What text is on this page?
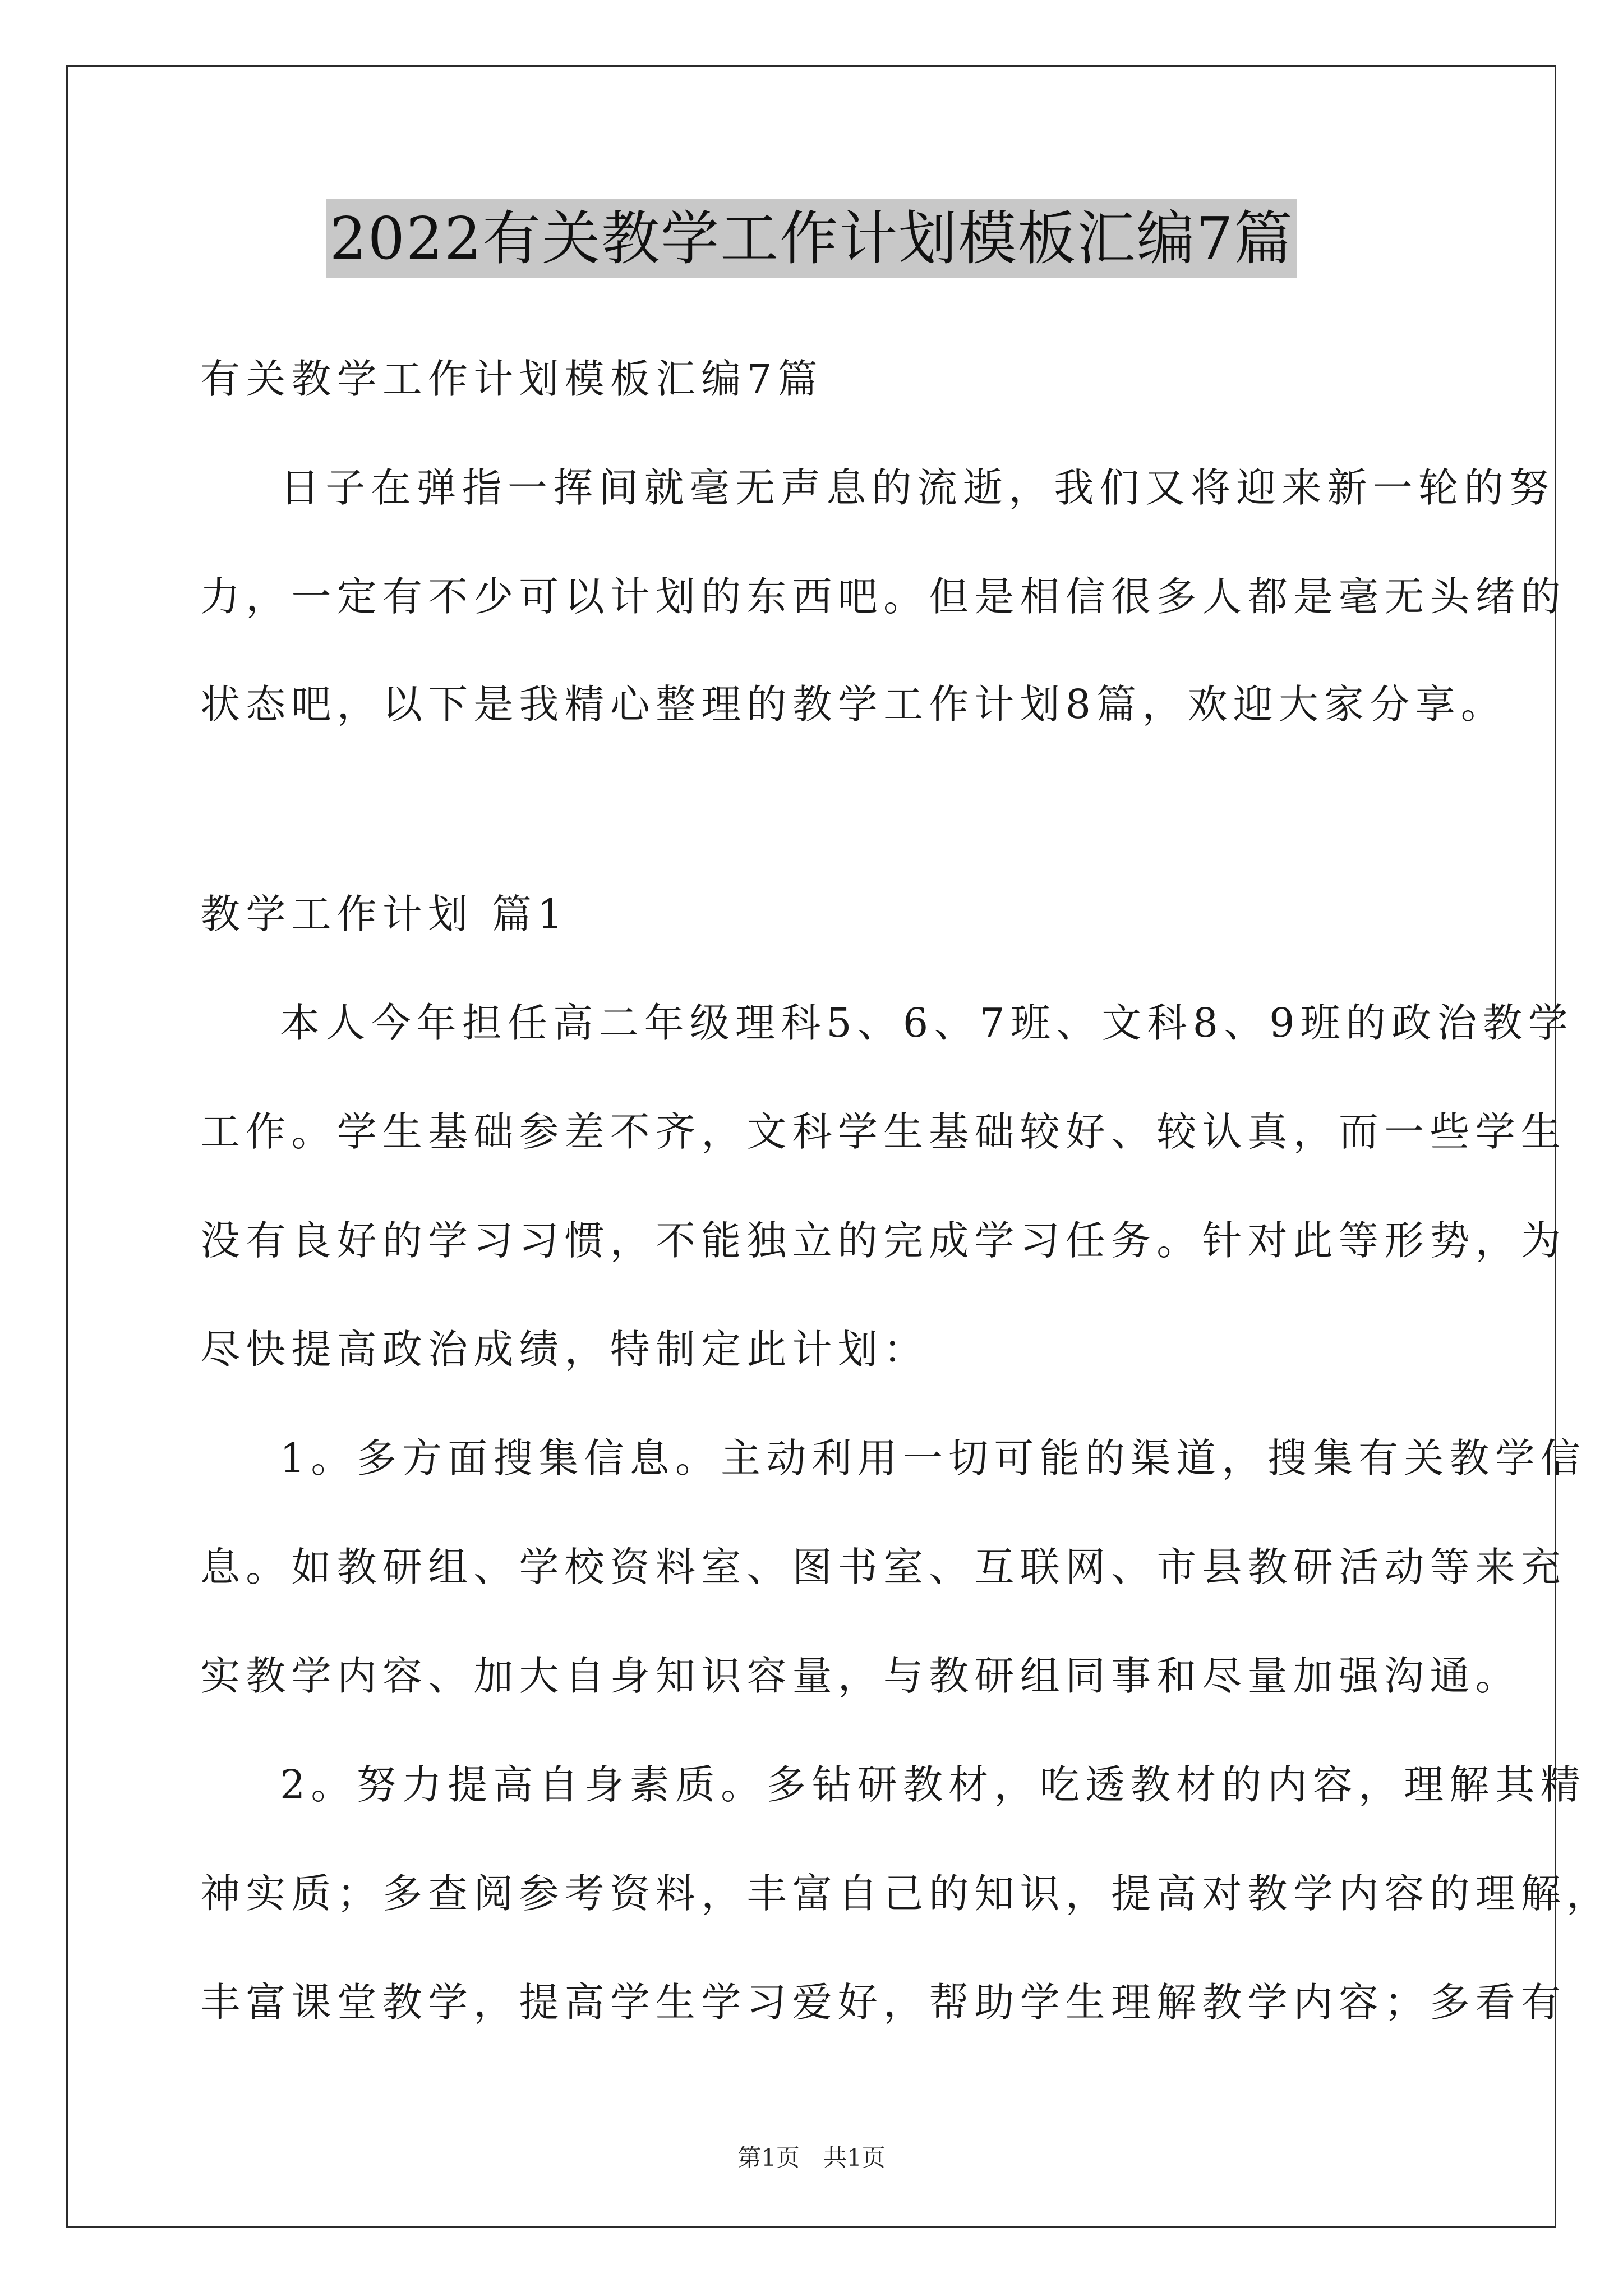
2022有关教学工作计划模板汇编7篇
有关教学工作计划模板汇编7篇
日子在弹指一挥间就毫无声息的流逝，我们又将迎来新一轮的努
力，一定有不少可以计划的东西吧。但是相信很多人都是毫无头绪的
状态吧，以下是我精心整理的教学工作计划8篇，欢迎大家分享。
教学工作计划 篇1
本人今年担任高二年级理科5、6、7班、文科8、9班的政治教学
工作。学生基础参差不齐，文科学生基础较好、较认真，而一些学生
没有良好的学习习惯，不能独立的完成学习任务。针对此等形势，为
尽快提高政治成绩，特制定此计划：
1。多方面搜集信息。主动利用一切可能的渠道，搜集有关教学信
息。如教研组、学校资料室、图书室、互联网、市县教研活动等来充
实教学内容、加大自身知识容量，与教研组同事和尽量加强沟通。
2。努力提高自身素质。多钻研教材，吃透教材的内容，理解其精
神实质；多查阅参考资料，丰富自己的知识，提高对教学内容的理解，
丰富课堂教学，提高学生学习爱好，帮助学生理解教学内容；多看有
第1页　共1页
